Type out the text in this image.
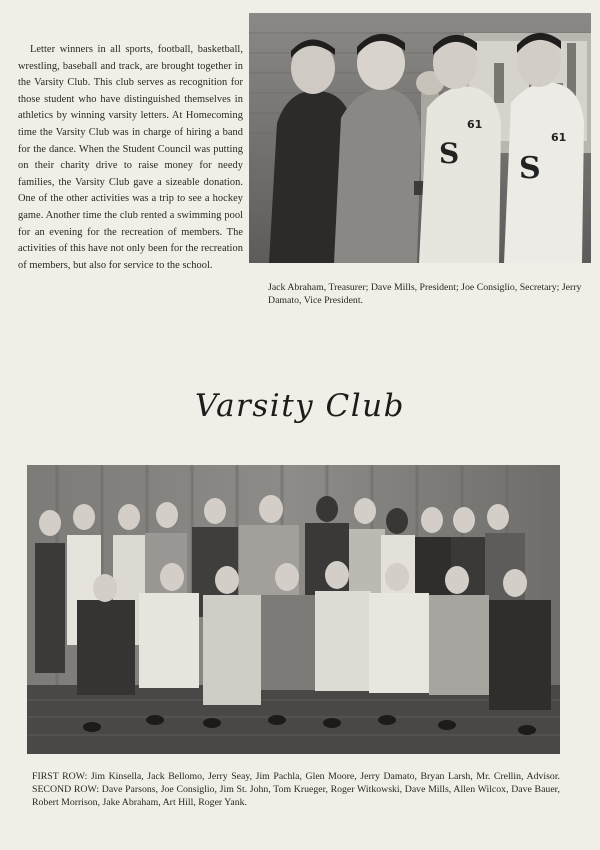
Letter winners in all sports, football, basketball, wrestling, baseball and track, are brought together in the Varsity Club. This club serves as recognition for those student who have distinguished themselves in athletics by winning varsity letters. At Homecoming time the Varsity Club was in charge of hiring a band for the dance. When the Student Council was putting on their charity drive to raise money for needy families, the Varsity Club gave a sizeable donation. One of the other activities was a trip to see a hockey game. Another time the club rented a swimming pool for an evening for the recreation of members. The activities of this have not only been for the recreation of members, but also for service to the school.
S
61
S
61
Jack Abraham, Treasurer; Dave Mills, President; Joe Consiglio, Secretary; Jerry Damato, Vice President.
Varsity Club
FIRST ROW: Jim Kinsella, Jack Bellomo, Jerry Seay, Jim Pachla, Glen Moore, Jerry Damato, Bryan Larsh, Mr. Crellin, Advisor. SECOND ROW: Dave Parsons, Joe Consiglio, Jim St. John, Tom Krueger, Roger Witkowski, Dave Mills, Allen Wilcox, Dave Bauer, Robert Morrison, Jake Abraham, Art Hill, Roger Yank.
